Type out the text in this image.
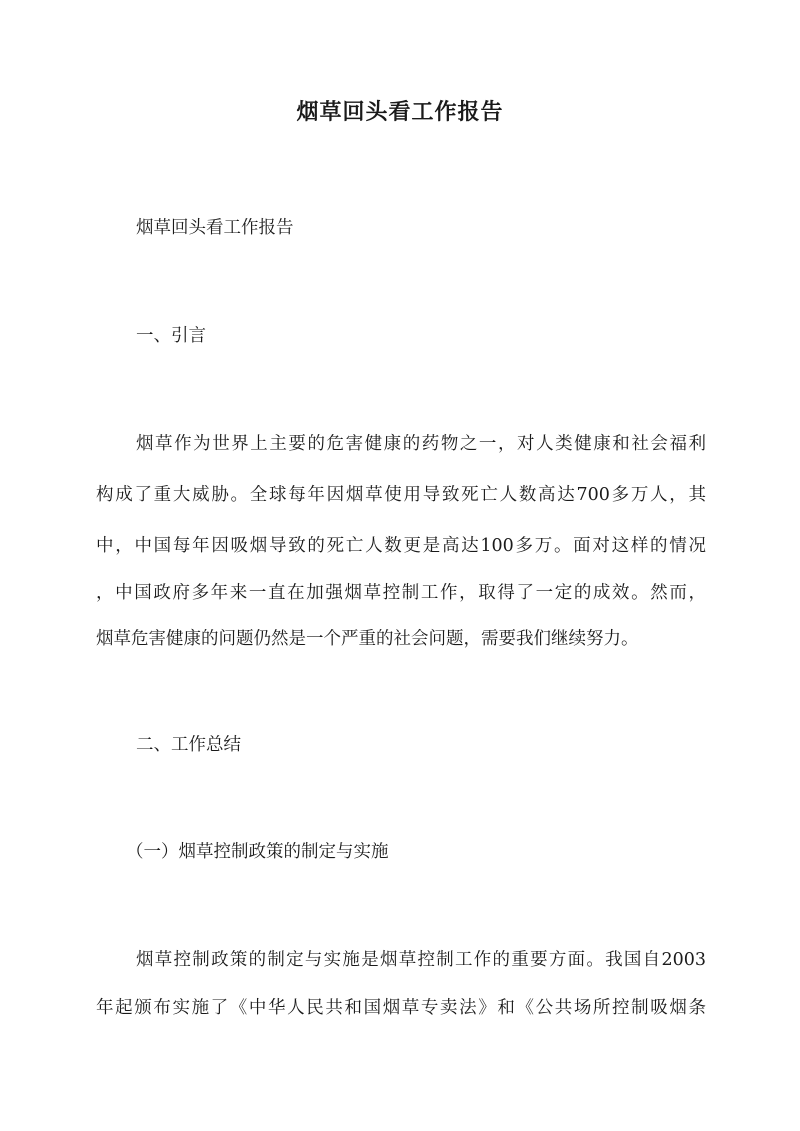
烟草回头看工作报告

烟草回头看工作报告

一、引言

烟草作为世界上主要的危害健康的药物之一，对人类健康和社会福利

构成了重大威胁。全球每年因烟草使用导致死亡人数高达700多万人，其

中，中国每年因吸烟导致的死亡人数更是高达100多万。面对这样的情况

，中国政府多年来一直在加强烟草控制工作，取得了一定的成效。然而，

烟草危害健康的问题仍然是一个严重的社会问题，需要我们继续努力。

二、工作总结

（一）烟草控制政策的制定与实施

烟草控制政策的制定与实施是烟草控制工作的重要方面。我国自2003

年起颁布实施了《中华人民共和国烟草专卖法》和《公共场所控制吸烟条
